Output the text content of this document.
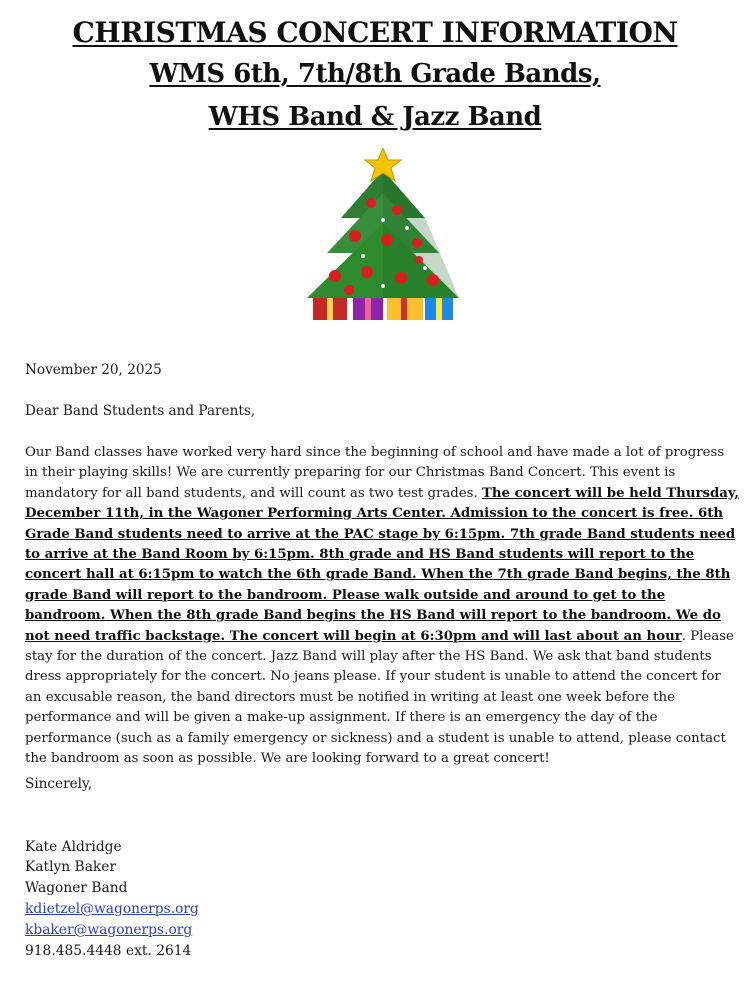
CHRISTMAS CONCERT INFORMATION
WMS 6th, 7th/8th Grade Bands,
WHS Band & Jazz Band
November 20, 2025
Dear Band Students and Parents,
Our Band classes have worked very hard since the beginning of school and have made a lot of progress in their playing skills! We are currently preparing for our Christmas Band Concert. This event is mandatory for all band students, and will count as two test grades. The concert will be held Thursday, December 11th, in the Wagoner Performing Arts Center. Admission to the concert is free. 6th Grade Band students need to arrive at the PAC stage by 6:15pm. 7th grade Band students need to arrive at the Band Room by 6:15pm. 8th grade and HS Band students will report to the concert hall at 6:15pm to watch the 6th grade Band. When the 7th grade Band begins, the 8th grade Band will report to the bandroom. Please walk outside and around to get to the bandroom. When the 8th grade Band begins the HS Band will report to the bandroom. We do not need traffic backstage. The concert will begin at 6:30pm and will last about an hour. Please stay for the duration of the concert. Jazz Band will play after the HS Band. We ask that band students dress appropriately for the concert. No jeans please. If your student is unable to attend the concert for an excusable reason, the band directors must be notified in writing at least one week before the performance and will be given a make-up assignment. If there is an emergency the day of the performance (such as a family emergency or sickness) and a student is unable to attend, please contact the bandroom as soon as possible. We are looking forward to a great concert!
Sincerely,
Kate Aldridge
Katlyn Baker
Wagoner Band
kdietzel@wagonerps.org
kbaker@wagonerps.org
918.485.4448 ext. 2614
